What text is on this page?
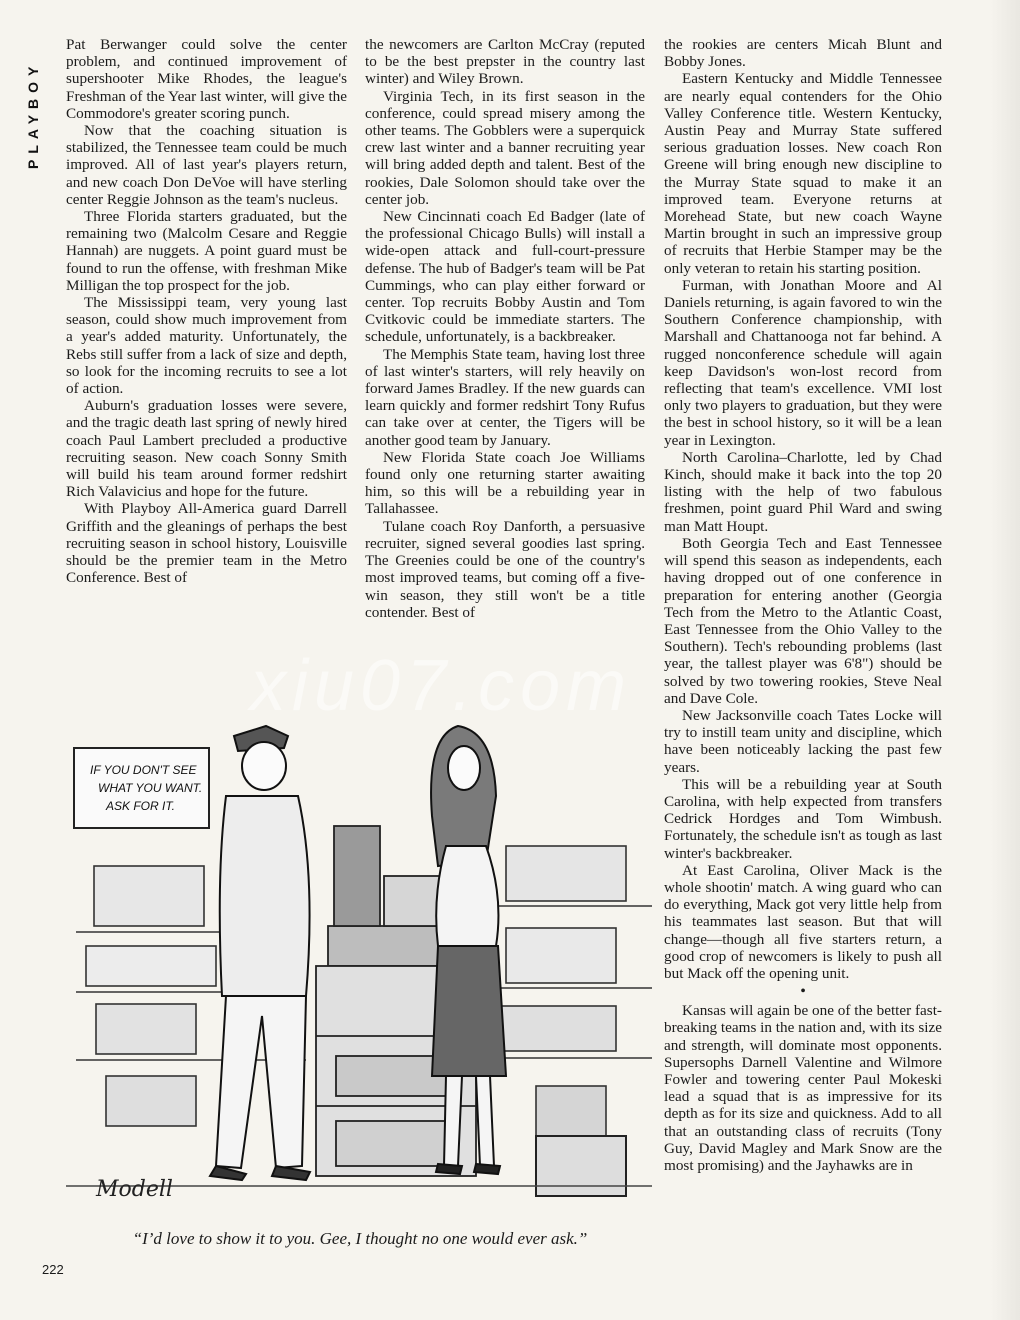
PLAYBOY

Pat Berwanger could solve the center problem, and continued improvement of supershooter Mike Rhodes, the league's Freshman of the Year last winter, will give the Commodore's greater scoring punch.

Now that the coaching situation is stabilized, the Tennessee team could be much improved. All of last year's players return, and new coach Don DeVoe will have sterling center Reggie Johnson as the team's nucleus.

Three Florida starters graduated, but the remaining two (Malcolm Cesare and Reggie Hannah) are nuggets. A point guard must be found to run the offense, with freshman Mike Milligan the top prospect for the job.

The Mississippi team, very young last season, could show much improvement from a year's added maturity. Unfortunately, the Rebs still suffer from a lack of size and depth, so look for the incoming recruits to see a lot of action.

Auburn's graduation losses were severe, and the tragic death last spring of newly hired coach Paul Lambert precluded a productive recruiting season. New coach Sonny Smith will build his team around former redshirt Rich Valavicius and hope for the future.

With Playboy All-America guard Darrell Griffith and the gleanings of perhaps the best recruiting season in school history, Louisville should be the premier team in the Metro Conference. Best of

the newcomers are Carlton McCray (reputed to be the best prepster in the country last winter) and Wiley Brown.

Virginia Tech, in its first season in the conference, could spread misery among the other teams. The Gobblers were a superquick crew last winter and a banner recruiting year will bring added depth and talent. Best of the rookies, Dale Solomon should take over the center job.

New Cincinnati coach Ed Badger (late of the professional Chicago Bulls) will install a wide-open attack and full-court-pressure defense. The hub of Badger's team will be Pat Cummings, who can play either forward or center. Top recruits Bobby Austin and Tom Cvitkovic could be immediate starters. The schedule, unfortunately, is a backbreaker.

The Memphis State team, having lost three of last winter's starters, will rely heavily on forward James Bradley. If the new guards can learn quickly and former redshirt Tony Rufus can take over at center, the Tigers will be another good team by January.

New Florida State coach Joe Williams found only one returning starter awaiting him, so this will be a rebuilding year in Tallahassee.

Tulane coach Roy Danforth, a persuasive recruiter, signed several goodies last spring. The Greenies could be one of the country's most improved teams, but coming off a five-win season, they still won't be a title contender. Best of

the rookies are centers Micah Blunt and Bobby Jones.

Eastern Kentucky and Middle Tennessee are nearly equal contenders for the Ohio Valley Conference title. Western Kentucky, Austin Peay and Murray State suffered serious graduation losses. New coach Ron Greene will bring enough new discipline to the Murray State squad to make it an improved team. Everyone returns at Morehead State, but new coach Wayne Martin brought in such an impressive group of recruits that Herbie Stamper may be the only veteran to retain his starting position.

Furman, with Jonathan Moore and Al Daniels returning, is again favored to win the Southern Conference championship, with Marshall and Chattanooga not far behind. A rugged nonconference schedule will again keep Davidson's won-lost record from reflecting that team's excellence. VMI lost only two players to graduation, but they were the best in school history, so it will be a lean year in Lexington.

North Carolina–Charlotte, led by Chad Kinch, should make it back into the top 20 listing with the help of two fabulous freshmen, point guard Phil Ward and swing man Matt Houpt.

Both Georgia Tech and East Tennessee will spend this season as independents, each having dropped out of one conference in preparation for entering another (Georgia Tech from the Metro to the Atlantic Coast, East Tennessee from the Ohio Valley to the Southern). Tech's rebounding problems (last year, the tallest player was 6'8") should be solved by two towering rookies, Steve Neal and Dave Cole.

New Jacksonville coach Tates Locke will try to instill team unity and discipline, which have been noticeably lacking the past few years.

This will be a rebuilding year at South Carolina, with help expected from transfers Cedrick Hordges and Tom Wimbush. Fortunately, the schedule isn't as tough as last winter's backbreaker.

At East Carolina, Oliver Mack is the whole shootin' match. A wing guard who can do everything, Mack got very little help from his teammates last season. But that will change—though all five starters return, a good crop of newcomers is likely to push all but Mack off the opening unit.

•

Kansas will again be one of the better fast-breaking teams in the nation and, with its size and strength, will dominate most opponents. Supersophs Darnell Valentine and Wilmore Fowler and towering center Paul Mokeski lead a squad that is as impressive for its depth as for its size and quickness. Add to all that an outstanding class of recruits (Tony Guy, David Magley and Mark Snow are the most promising) and the Jayhawks are in

IF YOU DON'T SEE
WHAT YOU WANT.
ASK FOR IT.
Modell
“I’d love to show it to you. Gee, I thought no one would ever ask.”
222
xiu07.com
